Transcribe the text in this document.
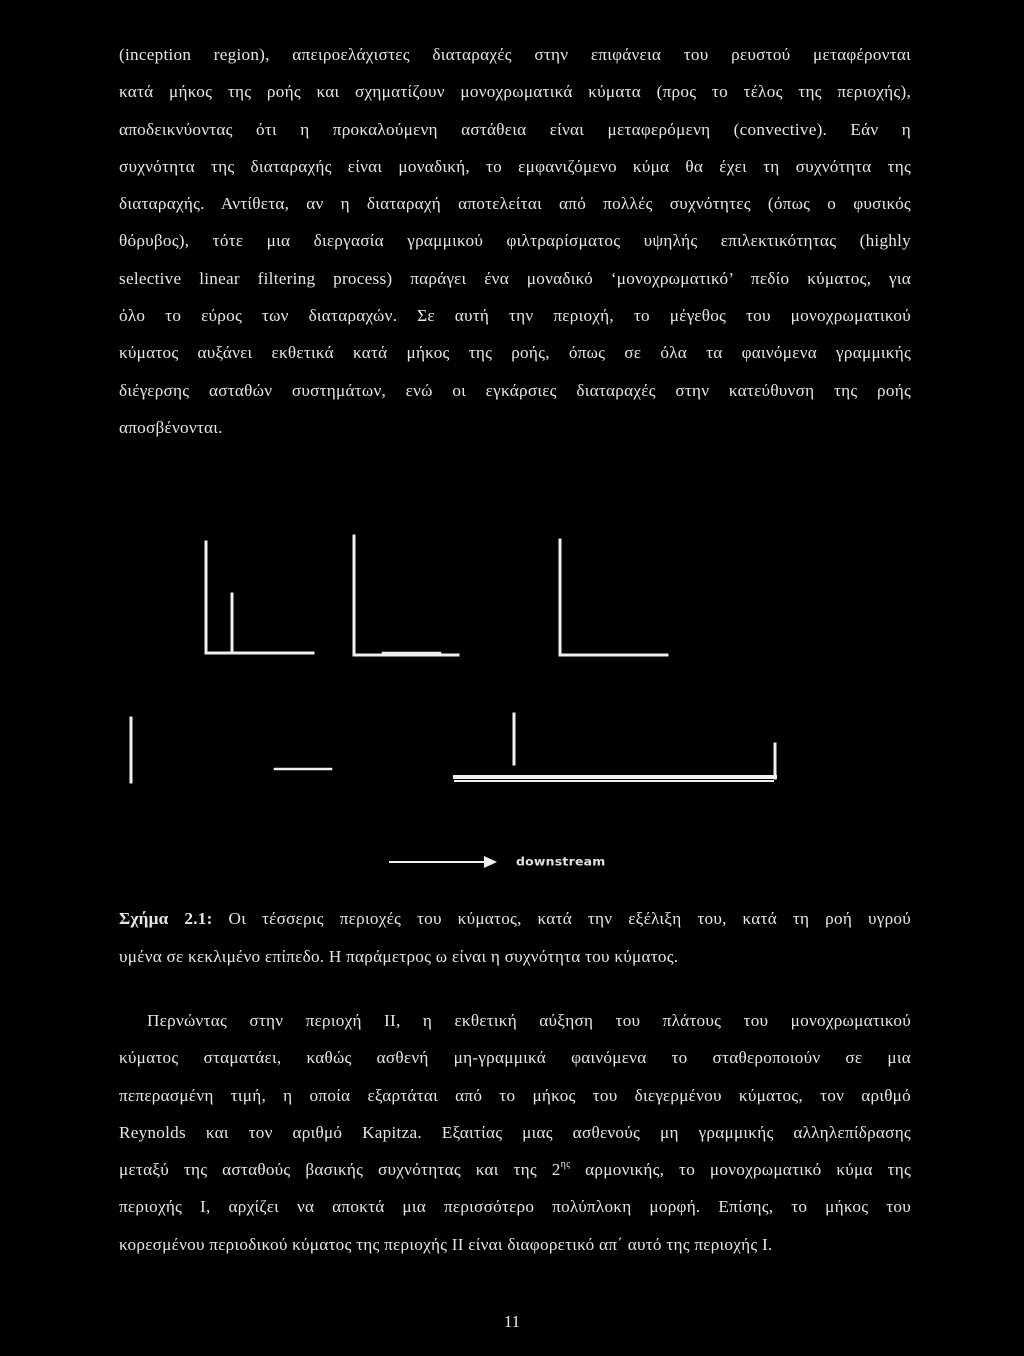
(inception region), απειροελάχιστες διαταραχές στην επιφάνεια του ρευστού μεταφέρονται
κατά μήκος της ροής και σχηματίζουν μονοχρωματικά κύματα (προς το τέλος της περιοχής),
αποδεικνύοντας ότι η προκαλούμενη αστάθεια είναι μεταφερόμενη (convective). Εάν η
συχνότητα της διαταραχής είναι μοναδική, το εμφανιζόμενο κύμα θα έχει τη συχνότητα της
διαταραχής. Αντίθετα, αν η διαταραχή αποτελείται από πολλές συχνότητες (όπως ο φυσικός
θόρυβος), τότε μια διεργασία γραμμικού φιλτραρίσματος υψηλής επιλεκτικότητας (highly
selective linear filtering process) παράγει ένα μοναδικό ‘μονοχρωματικό’ πεδίο κύματος, για
όλο το εύρος των διαταραχών. Σε αυτή την περιοχή, το μέγεθος του μονοχρωματικού
κύματος αυξάνει εκθετικά κατά μήκος της ροής, όπως σε όλα τα φαινόμενα γραμμικής
διέγερσης ασταθών συστημάτων, ενώ οι εγκάρσιες διαταραχές στην κατεύθυνση της ροής
αποσβένονται.
downstream
Σχήμα 2.1: Οι τέσσερις περιοχές του κύματος, κατά την εξέλιξη του, κατά τη ροή υγρού
υμένα σε κεκλιμένο επίπεδο. Η παράμετρος ω είναι η συχνότητα του κύματος.
Περνώντας στην περιοχή ΙΙ, η εκθετική αύξηση του πλάτους του μονοχρωματικού
κύματος σταματάει, καθώς ασθενή μη-γραμμικά φαινόμενα το σταθεροποιούν σε μια
πεπερασμένη τιμή, η οποία εξαρτάται από το μήκος του διεγερμένου κύματος, τον αριθμό
Reynolds και τον αριθμό Kapitza. Εξαιτίας μιας ασθενούς μη γραμμικής αλληλεπίδρασης
μεταξύ της ασταθούς βασικής συχνότητας και της $2^{\eta\varsigma}$ αρμονικής, το μονοχρωματικό κύμα της
περιοχής Ι, αρχίζει να αποκτά μια περισσότερο πολύπλοκη μορφή. Επίσης, το μήκος του
κορεσμένου περιοδικού κύματος της περιοχής ΙΙ είναι διαφορετικό απ΄ αυτό της περιοχής Ι.
11
